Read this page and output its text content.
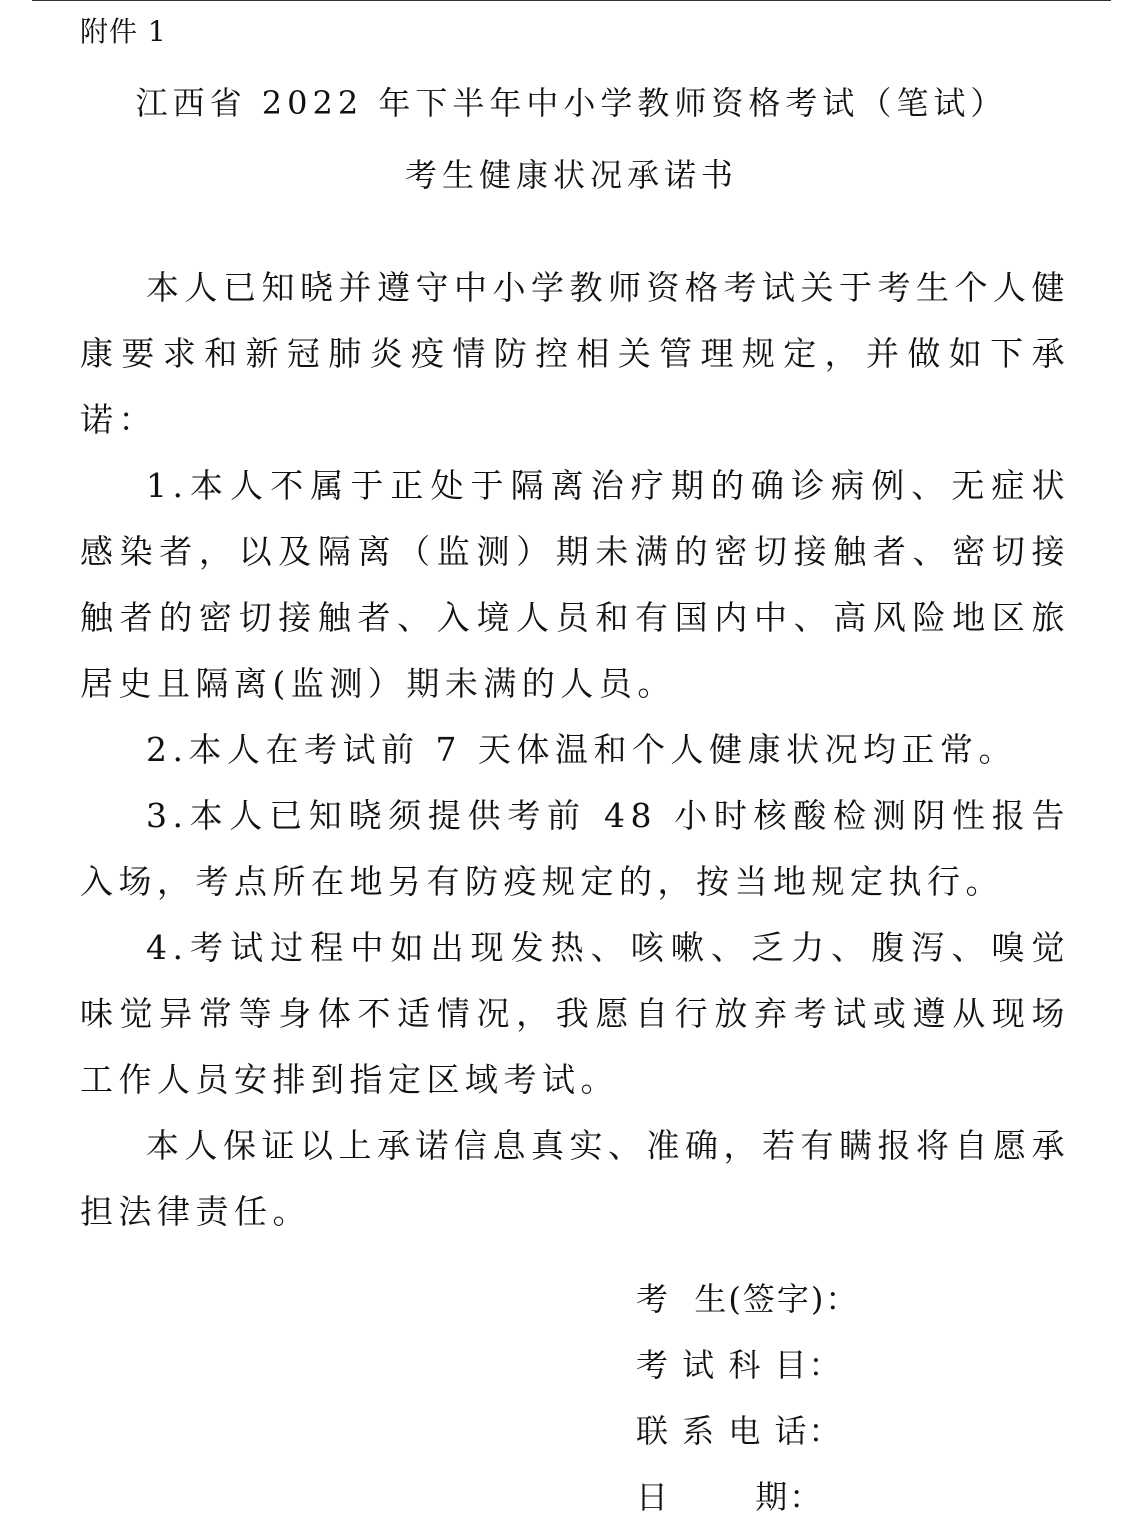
附件 1
江西省 2022 年下半年中小学教师资格考试（笔试）
考生健康状况承诺书

本人已知晓并遵守中小学教师资格考试关于考生个人健康要求和新冠肺炎疫情防控相关管理规定，并做如下承诺：

1.本人不属于正处于隔离治疗期的确诊病例、无症状感染者，以及隔离（监测）期未满的密切接触者、密切接触者的密切接触者、入境人员和有国内中、高风险地区旅居史且隔离(监测）期未满的人员。

2.本人在考试前 7 天体温和个人健康状况均正常。

3.本人已知晓须提供考前 48 小时核酸检测阴性报告入场，考点所在地另有防疫规定的，按当地规定执行。

4.考试过程中如出现发热、咳嗽、乏力、腹泻、嗅觉味觉异常等身体不适情况，我愿自行放弃考试或遵从现场工作人员安排到指定区域考试。

本人保证以上承诺信息真实、准确，若有瞒报将自愿承担法律责任。

考  生(签字)：
考 试 科 目：
联 系 电 话：
日       期：
